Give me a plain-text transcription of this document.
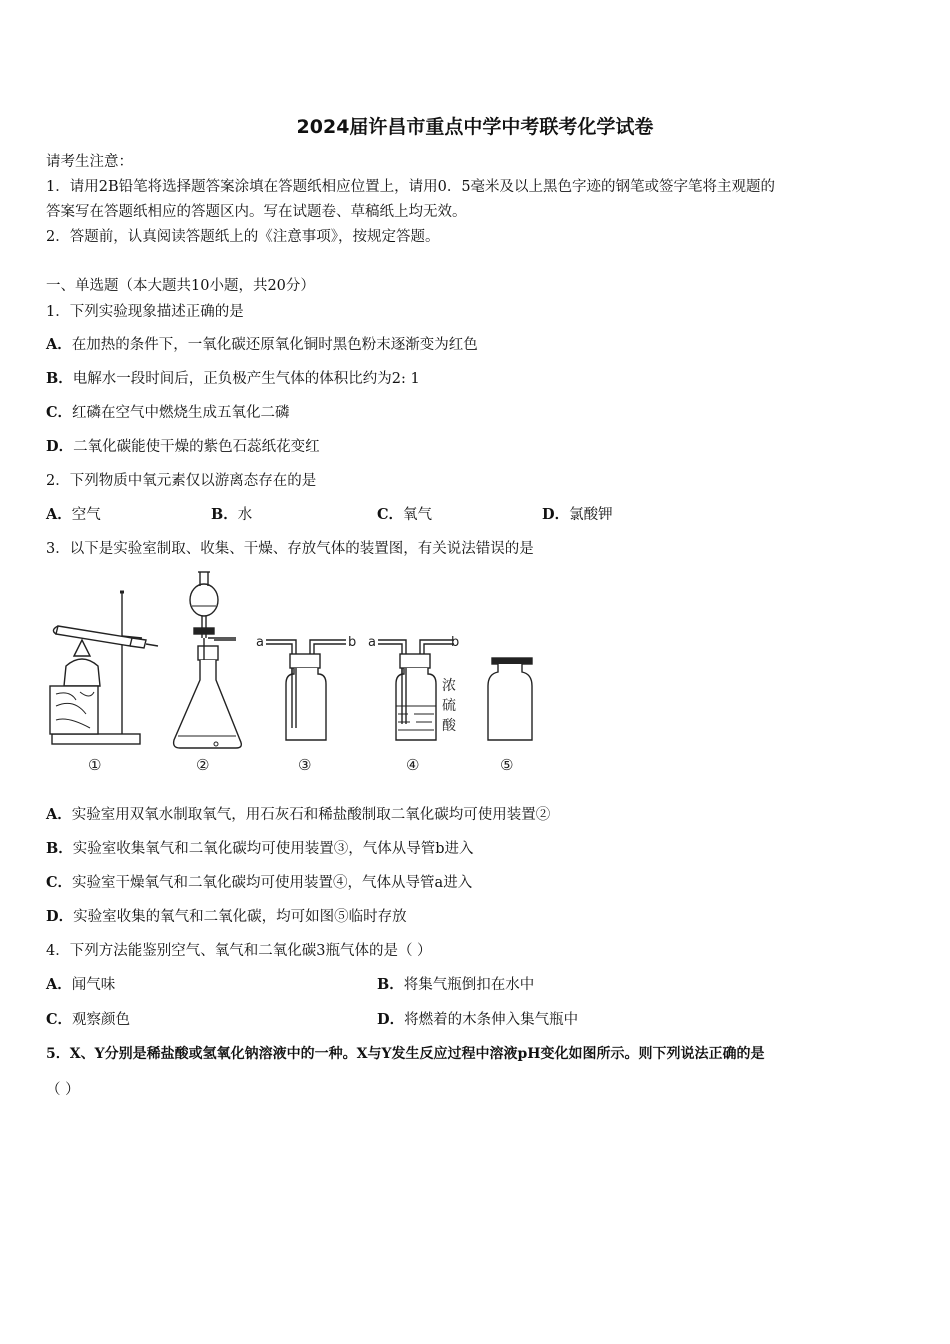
2024届许昌市重点中学中考联考化学试卷
请考生注意：
1．请用2B铅笔将选择题答案涂填在答题纸相应位置上，请用0．5毫米及以上黑色字迹的钢笔或签字笔将主观题的
答案写在答题纸相应的答题区内。写在试题卷、草稿纸上均无效。
2．答题前，认真阅读答题纸上的《注意事项》，按规定答题。
一、单选题（本大题共10小题，共20分）
1．下列实验现象描述正确的是
A．在加热的条件下，一氧化碳还原氧化铜时黑色粉末逐渐变为红色
B．电解水一段时间后，正负极产生气体的体积比约为2: 1
C．红磷在空气中燃烧生成五氧化二磷
D．二氧化碳能使干燥的紫色石蕊纸花变红
2．下列物质中氧元素仅以游离态存在的是
A．空气	B．水	C．氧气	D．氯酸钾
3．以下是实验室制取、收集、干燥、存放气体的装置图，有关说法错误的是
a	b a	b
浓
硫
酸
①	②	③	④	⑤
A．实验室用双氧水制取氧气，用石灰石和稀盐酸制取二氧化碳均可使用装置②
B．实验室收集氧气和二氧化碳均可使用装置③，气体从导管b进入
C．实验室干燥氧气和二氧化碳均可使用装置④，气体从导管a进入
D．实验室收集的氧气和二氧化碳，均可如图⑤临时存放
4．下列方法能鉴别空气、氧气和二氧化碳3瓶气体的是（ ）
A．闻气味	B．将集气瓶倒扣在水中
C．观察颜色	D．将燃着的木条伸入集气瓶中
5．X、Y分别是稀盐酸或氢氧化钠溶液中的一种。X与Y发生反应过程中溶液pH变化如图所示。则下列说法正确的是
（ ）
